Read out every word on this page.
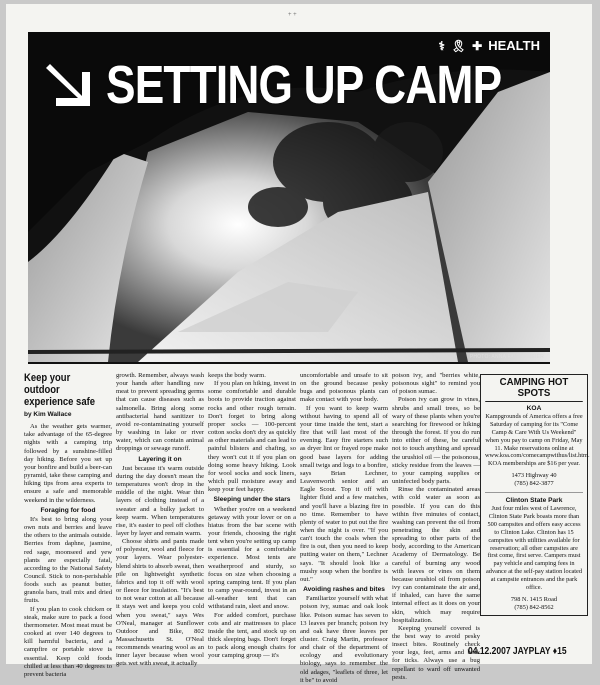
+ +
SETTING UP CAMP
⚕ 🎗 ✚ HEALTH
PHOTO: ANNA FALTERMEIER
Keep your outdoor experience safe
by Kim Wallace

As the weather gets warmer, take advantage of the 65-degree nights with a camping trip followed by a sunshine-filled day hiking. Before you set up your bonfire and build a beer-can pyramid, take these camping and hiking tips from area experts to ensure a safe and memorable weekend in the wilderness.

Foraging for food

It's best to bring along your own nuts and berries and leave the others to the animals outside. Berries from daphne, jasmine, red sage, moonseed and yew plants are especially fatal, according to the National Safety Council. Stick to non-perishable foods such as peanut butter, granola bars, trail mix and dried fruits.

If you plan to cook chicken or steak, make sure to pack a food thermometer. Most meat must be cooked at over 140 degrees to kill harmful bacteria, and a campfire or portable stove is essential. Keep cold foods chilled at less than 40 degrees to prevent bacteria

growth. Remember, always wash your hands after handling raw meat to prevent spreading germs that can cause diseases such as salmonella. Bring along some antibacterial hand sanitizer to avoid re-contaminating yourself by washing in lake or river water, which can contain animal droppings or sewage runoff.

Layering it on

Just because it's warm outside during the day doesn't mean the temperatures won't drop in the middle of the night. Wear thin layers of clothing instead of a sweater and a bulky jacket to keep warm. When temperatures rise, it's easier to peel off clothes layer by layer and remain warm.

Choose shirts and pants made of polyester, wool and fleece for your layers. Wear polyester-blend shirts to absorb sweat, then pile on lightweight synthetic fabrics and top it off with wool or fleece for insulation. "It's best to not wear cotton at all because it stays wet and keeps you cold when you sweat," says Wes O'Neal, manager at Sunflower Outdoor and Bike, 802 Massachusetts St. O'Neal recommends wearing wool as an inner layer because when wool gets wet with sweat, it actually

keeps the body warm.

If you plan on hiking, invest in some comfortable and durable boots to provide traction against rocks and other rough terrain. Don't forget to bring along proper socks — 100-percent cotton socks don't dry as quickly as other materials and can lead to painful blisters and chafing, so they won't cut it if you plan on doing some heavy hiking. Look for wool socks and sock liners, which pull moisture away and keep your feet happy.

Sleeping under the stars

Whether you're on a weekend getaway with your lover or on a hiatus from the bar scene with your friends, choosing the right tent when you're setting up camp is essential for a comfortable experience. Most tents are weatherproof and sturdy, so focus on size when choosing a spring camping tent. If you plan to camp year-round, invest in an all-weather tent that can withstand rain, sleet and snow.

For added comfort, purchase cots and air mattresses to place inside the tent, and stock up on thick sleeping bags. Don't forget to pack along enough chairs for your camping group — it's

uncomfortable and unsafe to sit on the ground because pesky bugs and poisonous plants can make contact with your body.

If you want to keep warm without having to spend all of your time inside the tent, start a fire that will last most of the evening. Easy fire starters such as dryer lint or frayed rope make good base layers for adding small twigs and logs to a bonfire, says Brian Lechner, Leavenworth senior and an Eagle Scout. Top it off with lighter fluid and a few matches, and you'll have a blazing fire in no time. Remember to have plenty of water to put out the fire when the night is over. "If you can't touch the coals when the fire is out, then you need to keep putting water on them," Lechner says. "It should look like a mushy soup when the bonfire is out."

Avoiding rashes and bites

Familiarize yourself with what poison ivy, sumac and oak look like. Poison sumac has seven to 13 leaves per branch; poison ivy and oak have three leaves per cluster. Craig Martin, professor and chair of the department of ecology and evolutionary biology, says to remember the old adages, "leaflets of three, let it be" to avoid

poison ivy, and "berries white, poisonous sight" to remind you of poison sumac.

Poison ivy can grow in vines, shrubs and small trees, so be wary of these plants when you're searching for firewood or hiking through the forest. If you do run into either of these, be careful not to touch anything and spread the urushiol oil — the poisonous, sticky residue from the leaves — to your camping supplies or uninfected body parts.

Rinse the contaminated areas with cold water as soon as possible. If you can do this within five minutes of contact, washing can prevent the oil from penetrating the skin and spreading to other parts of the body, according to the American Academy of Dermatology. Be careful of burning any wood with leaves or vines on them because urushiol oil from poison ivy can contaminate the air and, if inhaled, can have the same internal effect as it does on your skin, which may require hospitalization.

Keeping yourself covered is the best way to avoid pesky insect bites. Routinely check your legs, feet, arms and back for ticks. Always use a bug repellant to ward off unwanted pests.

CAMPING HOT SPOTS
KOA
Kampgrounds of America offers a free Saturday of camping for its "Come Camp & Care With Us Weekend" when you pay to camp on Friday, May 11. Make reservations online at www.koa.com/comecampwithus/list.htm. KOA memberships are $16 per year.
1473 Highway 40
(785) 842-3877
Clinton State Park
Just four miles west of Lawrence, Clinton State Park boasts more than 500 campsites and offers easy access to Clinton Lake. Clinton has 15 campsites with utilities available for reservation; all other campsites are first come, first serve. Campers must pay vehicle and camping fees in advance at the self-pay station located at campsite entrances and the park office.
798 N. 1415 Road
(785) 842-8562
04.12.2007 JAYPLAY ♦15
